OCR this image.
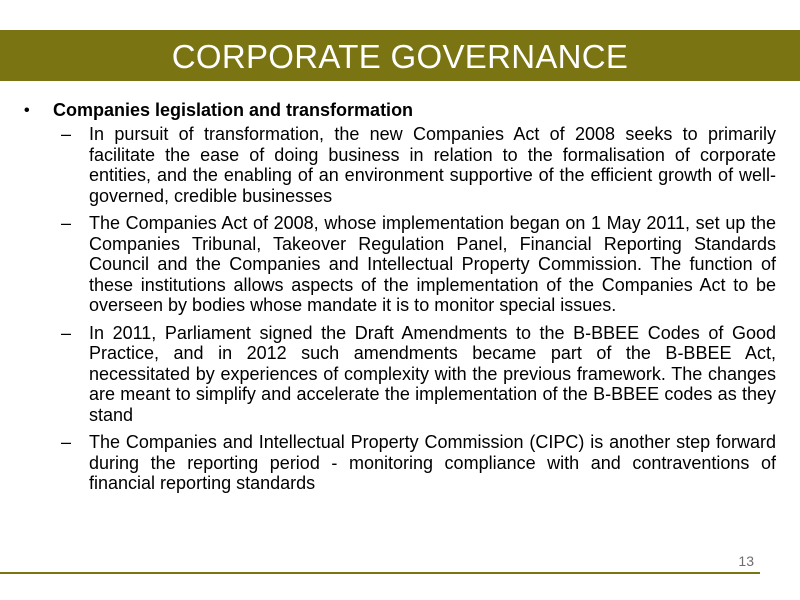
CORPORATE GOVERNANCE
• Companies legislation and transformation
– In pursuit of transformation, the new Companies Act of 2008 seeks to primarily facilitate the ease of doing business in relation to the formalisation of corporate entities, and the enabling of an environment supportive of the efficient growth of well-governed, credible businesses
– The Companies Act of 2008, whose implementation began on 1 May 2011, set up the Companies Tribunal, Takeover Regulation Panel, Financial Reporting Standards Council and the Companies and Intellectual Property Commission. The function of these institutions allows aspects of the implementation of the Companies Act to be overseen by bodies whose mandate it is to monitor special issues.
– In 2011, Parliament signed the Draft Amendments to the B-BBEE Codes of Good Practice, and in 2012 such amendments became part of the B-BBEE Act, necessitated by experiences of complexity with the previous framework. The changes are meant to simplify and accelerate the implementation of the B-BBEE codes as they stand
– The Companies and Intellectual Property Commission (CIPC) is another step forward during the reporting period - monitoring compliance with and contraventions of financial reporting standards
13
